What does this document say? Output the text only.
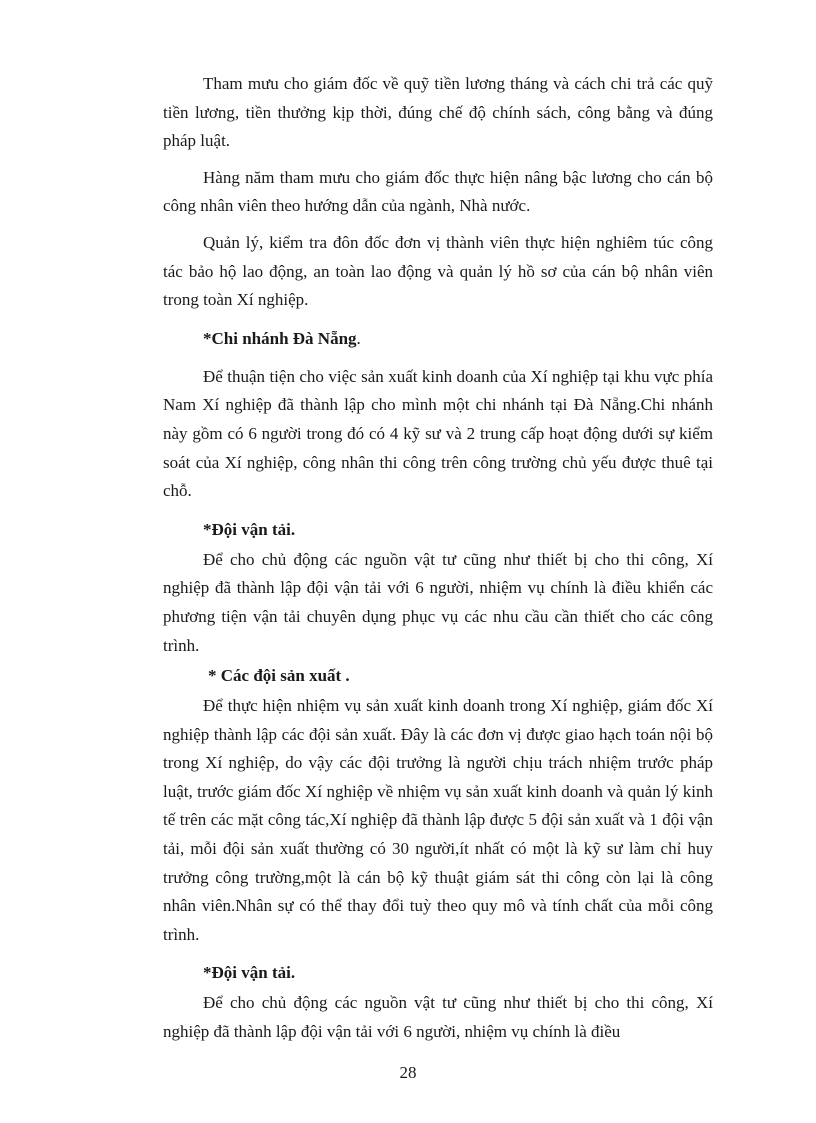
Tham mưu cho giám đốc về quỹ tiền lương tháng và cách chi trả các quỹ tiền lương, tiền thưởng kịp thời, đúng chế độ chính sách, công bằng và đúng pháp luật.

Hàng năm tham mưu cho giám đốc thực hiện nâng bậc lương cho cán bộ công nhân viên theo hướng dẫn của ngành, Nhà nước.

Quản lý, kiểm tra đôn đốc đơn vị thành viên thực hiện nghiêm túc công tác bảo hộ lao động, an toàn lao động và quản lý hồ sơ của cán bộ nhân viên trong toàn Xí nghiệp.

*Chi nhánh Đà Nẵng.

Để thuận tiện cho việc sản xuất kinh doanh của Xí nghiệp tại khu vực phía Nam Xí nghiệp đã thành lập cho mình một chi nhánh tại Đà Nẵng.Chi nhánh này gồm có 6 người trong đó có 4 kỹ sư và 2 trung cấp hoạt động dưới sự kiểm soát của Xí nghiệp, công nhân thi công trên công trường chủ yếu được thuê tại chỗ.

*Đội vận tải.

Để cho chủ động các nguồn vật tư cũng như thiết bị cho thi công, Xí nghiệp đã thành lập đội vận tải với 6 người, nhiệm vụ chính là điều khiển các phương tiện vận tải chuyên dụng phục vụ các nhu cầu cần thiết cho các công trình.

* Các đội sản xuất .

Để thực hiện nhiệm vụ sản xuất kinh doanh trong Xí nghiệp, giám đốc Xí nghiệp thành lập các đội sản xuất. Đây là các đơn vị được giao hạch toán nội bộ trong Xí nghiệp, do vậy các đội trưởng là người chịu trách nhiệm trước pháp luật, trước giám đốc Xí nghiệp về nhiệm vụ sản xuất kinh doanh và quản lý kinh tế trên các mặt công tác,Xí nghiệp đã thành lập được 5 đội sản xuất và 1 đội vận tải, mỗi đội sản xuất thường có 30 người,ít nhất có một là kỹ sư làm chỉ huy trưởng công trường,một là cán bộ kỹ thuật giám sát thi công còn lại là công nhân viên.Nhân sự có thể thay đổi tuỳ theo quy mô và tính chất của mỗi công trình.

*Đội vận tải.

Để cho chủ động các nguồn vật tư cũng như thiết bị cho thi công, Xí nghiệp đã thành lập đội vận tải với 6 người, nhiệm vụ chính là điều

28
